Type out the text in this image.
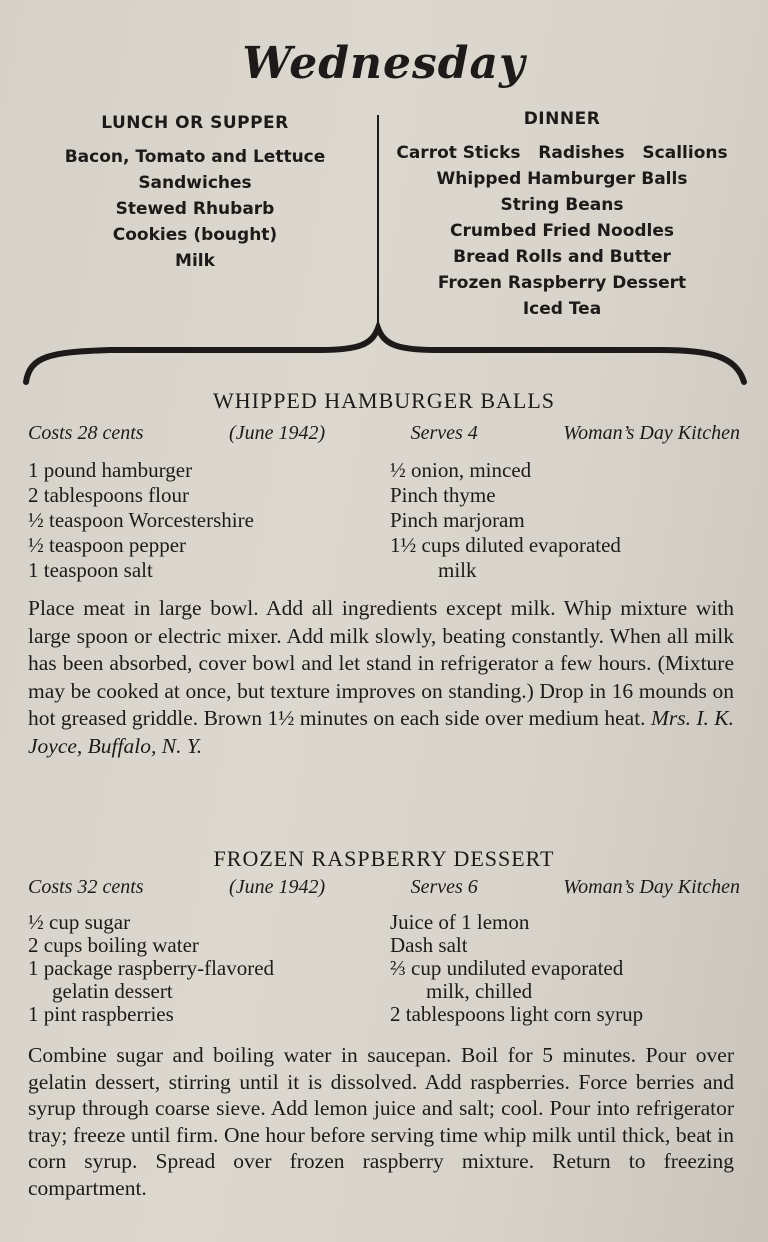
Wednesday
LUNCH OR SUPPER
Bacon, Tomato and Lettuce
Sandwiches
Stewed Rhubarb
Cookies (bought)
Milk
DINNER
Carrot Sticks   Radishes   Scallions
Whipped Hamburger Balls
String Beans
Crumbed Fried Noodles
Bread Rolls and Butter
Frozen Raspberry Dessert
Iced Tea
WHIPPED HAMBURGER BALLS
Costs 28 cents	(June 1942)	Serves 4	Woman’s Day Kitchen
1 pound hamburger
2 tablespoons flour
½ teaspoon Worcestershire
½ teaspoon pepper
1 teaspoon salt
½ onion, minced
Pinch thyme
Pinch marjoram
1½ cups diluted evaporated
milk

Place meat in large bowl. Add all ingredients except milk. Whip mixture with large spoon or electric mixer. Add milk slowly, beating constantly. When all milk has been absorbed, cover bowl and let stand in refrigerator a few hours. (Mixture may be cooked at once, but texture improves on standing.) Drop in 16 mounds on hot greased griddle. Brown 1½ minutes on each side over medium heat. Mrs. I. K. Joyce, Buffalo, N. Y.

FROZEN RASPBERRY DESSERT
Costs 32 cents	(June 1942)	Serves 6	Woman’s Day Kitchen
½ cup sugar
2 cups boiling water
1 package raspberry-flavored
gelatin dessert
1 pint raspberries
Juice of 1 lemon
Dash salt
⅔ cup undiluted evaporated
milk, chilled
2 tablespoons light corn syrup

Combine sugar and boiling water in saucepan. Boil for 5 minutes. Pour over gelatin dessert, stirring until it is dissolved. Add raspberries. Force berries and syrup through coarse sieve. Add lemon juice and salt; cool. Pour into refrigerator tray; freeze until firm. One hour before serving time whip milk until thick, beat in corn syrup. Spread over frozen raspberry mixture. Return to freezing compartment.
